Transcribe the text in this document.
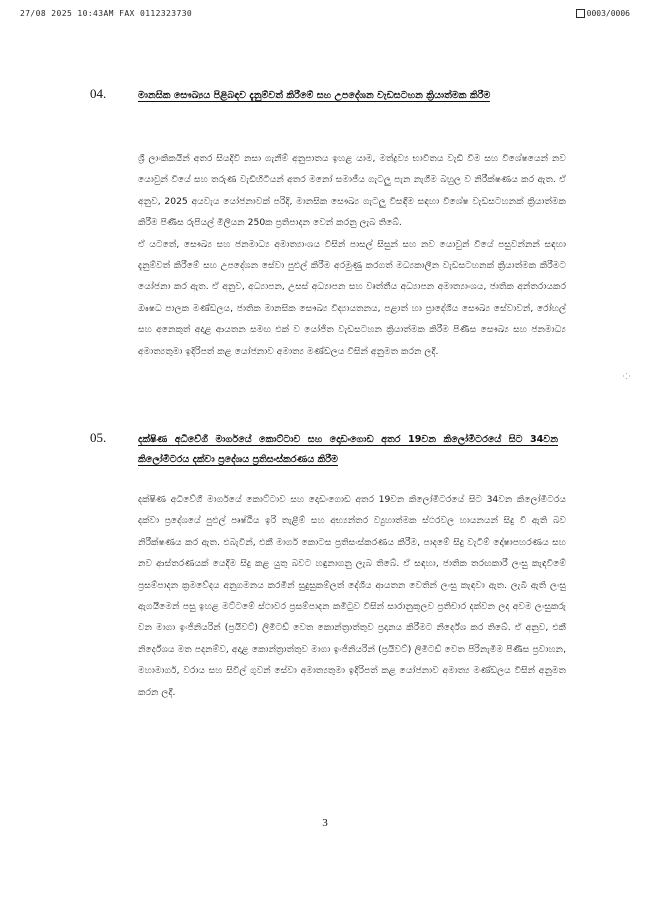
27/08 2025 10:43AM FAX 0112323730	0003/0006
04.	මානසික සෞඛ්‍යය පිළිබඳව දැනුම්වත් කිරීමේ සහ උපදේශන වැඩසටහන ක්‍රියාත්මක කිරීම

ශ්‍රී ලාංකිකයින් අතර සියදිවි නසා ගැනීම් අනුපාතය ඉහළ යාම, මත්ද්‍රව්‍ය භාවිතය වැඩි වීම සහ විශේෂයෙන් නව යොවුන් වියේ සහ තරුණ වැඩිහිටියන් අතර මනෝ සමාජීය ගැටලු පැන නැගීම බහුල ව නිරීක්ෂණය කර ඇත. ඒ අනුව, 2025 අයවැය යෝජනාවක් පරිදි, මානසික සෞඛ්‍ය ගැටලු විසඳීම සඳහා විශේෂ වැඩසටහනක් ක්‍රියාත්මක කිරීම පිණිස රුපියල් මිලියන 250ක ප්‍රතිපාදන වෙන් කරනු ලැබ තිබේ.

ඒ යටතේ, සෞඛ්‍ය සහ ජනමාධ්‍ය අමාත්‍යාංශය විසින් පාසල් සිසුන් සහ නව යොවුන් වියේ පසුවන්නන් සඳහා දැනුම්වත් කිරීමේ සහ උපදේශන සේවා පුළුල් කිරීම අරමුණු කරගත් මධ්‍යකාලීන වැඩසටහනක් ක්‍රියාත්මක කිරීමට යෝජනා කර ඇත. ඒ අනුව, අධ්‍යාපන, උසස් අධ්‍යාපන සහ වෘත්තීය අධ්‍යාපන අමාත්‍යාංශය, ජාතික අන්තරායකර ඖෂධ පාලක මණ්ඩලය, ජාතික මානසික සෞඛ්‍ය විද්‍යායතනය, පළාත් හා ප්‍රාදේශීය සෞඛ්‍ය සේවාවන්, රෝහල් සහ අනෙකුත් අදාළ ආයතන සමඟ එක් ව යෝජිත වැඩසටහන ක්‍රියාත්මක කිරීම පිණිස සෞඛ්‍ය සහ ජනමාධ්‍ය අමාත්‍යතුමා ඉදිරිපත් කළ යෝජනාව අමාත්‍ය මණ්ඩලය විසින් අනුමත කරන ලදී.

05.	දක්ෂිණ අධිවේගී මාර්ගයේ කොට්ටාව සහ දොඩංගොඩ අතර 19වන කිලෝමීටරයේ සිට 34වන කිලෝමීටරය දක්වා ප්‍රදේශය ප්‍රතිසංස්කරණය කිරීම

දක්ෂිණ අධිවේගී මාර්ගයේ කොට්ටාව සහ දොඩංගොඩ අතර 19වන කිලෝමීටරයේ සිට 34වන කිලෝමීටරය දක්වා ප්‍රදේශයේ පුළුල් පෘෂ්ඨීය ඉරි තැළීම් සහ අභ්‍යන්තර ව්‍යුහාත්මක ස්ථරවල හායනයන් සිදු වී ඇති බව නිරීක්ෂණය කර ඇත. එබැවින්, එකී මාර්ග කොටස ප්‍රතිසංස්කරණය කිරීම, පාදමේ සිදු වැටීම් දෝෂාපහරණය සහ නව ආස්තරණයක් යෙදීම සිදු කළ යුතු බවට හඳුනාගනු ලැබ තිබේ. ඒ සඳහා, ජාතික තරඟකාරී ලංසු කැඳවීමේ ප්‍රසම්පාදන ක්‍රමවේදය අනුගමනය කරමින් සුදුසුකම්ලත් දේශීය ආයතන වෙතින් ලංසු කැඳවා ඇත. ලැබී ඇති ලංසු ඇගයීමෙන් පසු ඉහළ මට්ටමේ ස්ථාවර ප්‍රසම්පාදන කමිටුව විසින් සාරානුකූලව ප්‍රතිචාර දක්වන ලද අවම ලංසුකරු වන මාගා ඉංජිනියරින් (ප්‍රයිවට්) ලිමිටඩ් වෙත කොන්ත්‍රාත්තුව ප්‍රදානය කිරීමට නිර්දේශ කර තිබේ. ඒ අනුව, එකී නිර්දේශය මත පදනම්ව, අදාළ කොන්ත්‍රාත්තුව මාගා ඉංජිනියරින් (ප්‍රයිවට්) ලිමිටඩ් වෙත පිරිනැමීම පිණිස ප්‍රවාහන, මහාමාර්ග, වරාය සහ සිවිල් ගුවන් සේවා අමාත්‍යතුමා ඉදිරිපත් කළ යෝජනාව අමාත්‍ය මණ්ඩලය විසින් අනුමත කරන ලදී.

· ⁚ ·
3
